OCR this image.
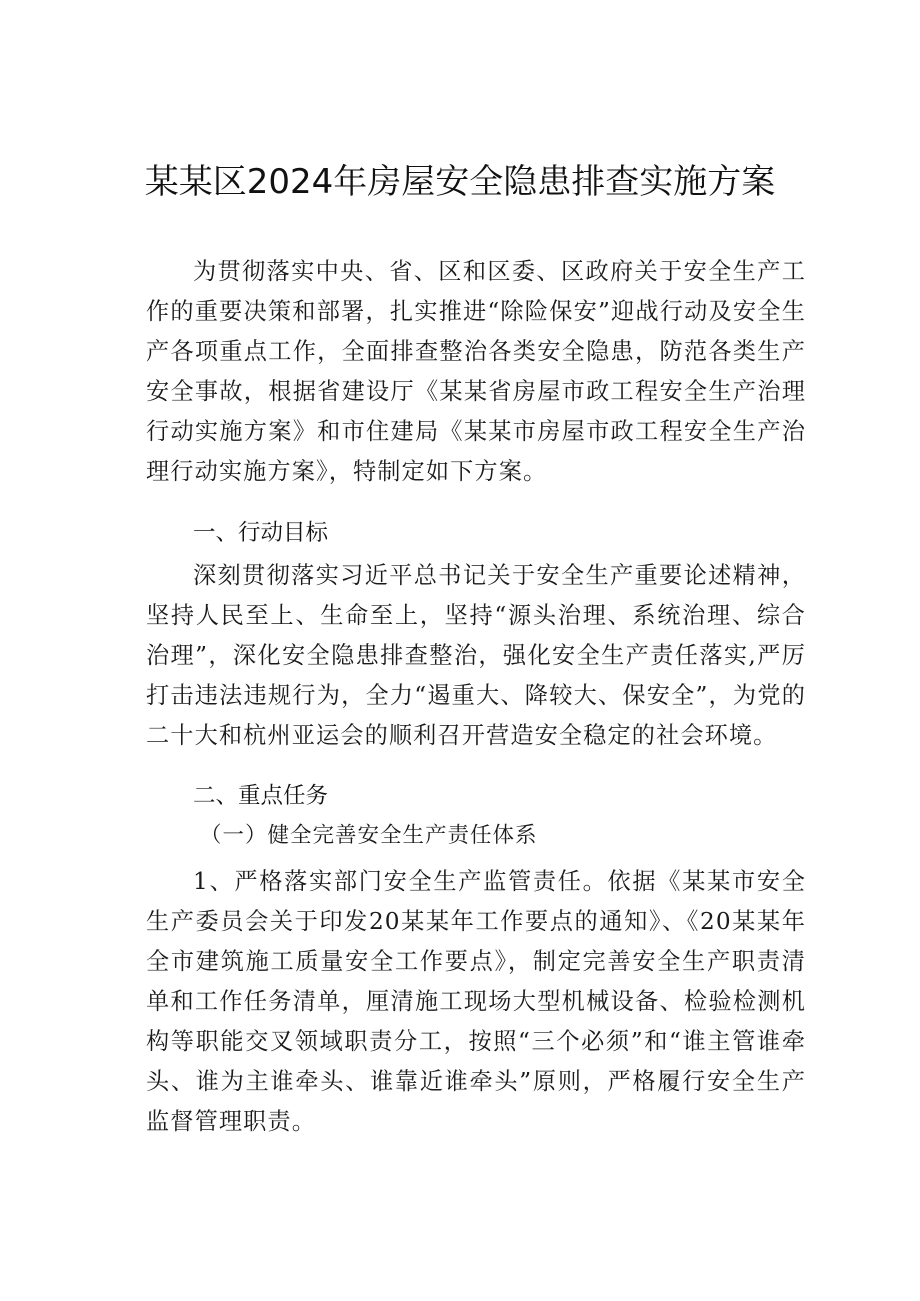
某某区2024年房屋安全隐患排查实施方案

为贯彻落实中央、省、区和区委、区政府关于安全生产工作的重要决策和部署，扎实推进“除险保安”迎战行动及安全生产各项重点工作，全面排查整治各类安全隐患，防范各类生产安全事故，根据省建设厅《某某省房屋市政工程安全生产治理行动实施方案》和市住建局《某某市房屋市政工程安全生产治理行动实施方案》，特制定如下方案。

一、行动目标

深刻贯彻落实习近平总书记关于安全生产重要论述精神，坚持人民至上、生命至上，坚持“源头治理、系统治理、综合治理”，深化安全隐患排查整治，强化安全生产责任落实,严厉打击违法违规行为，全力“遏重大、降较大、保安全”，为党的二十大和杭州亚运会的顺利召开营造安全稳定的社会环境。

二、重点任务

（一）健全完善安全生产责任体系

1、严格落实部门安全生产监管责任。依据《某某市安全生产委员会关于印发20某某年工作要点的通知》、《20某某年全市建筑施工质量安全工作要点》，制定完善安全生产职责清单和工作任务清单，厘清施工现场大型机械设备、检验检测机构等职能交叉领域职责分工，按照“三个必须”和“谁主管谁牵头、谁为主谁牵头、谁靠近谁牵头”原则，严格履行安全生产监督管理职责。
